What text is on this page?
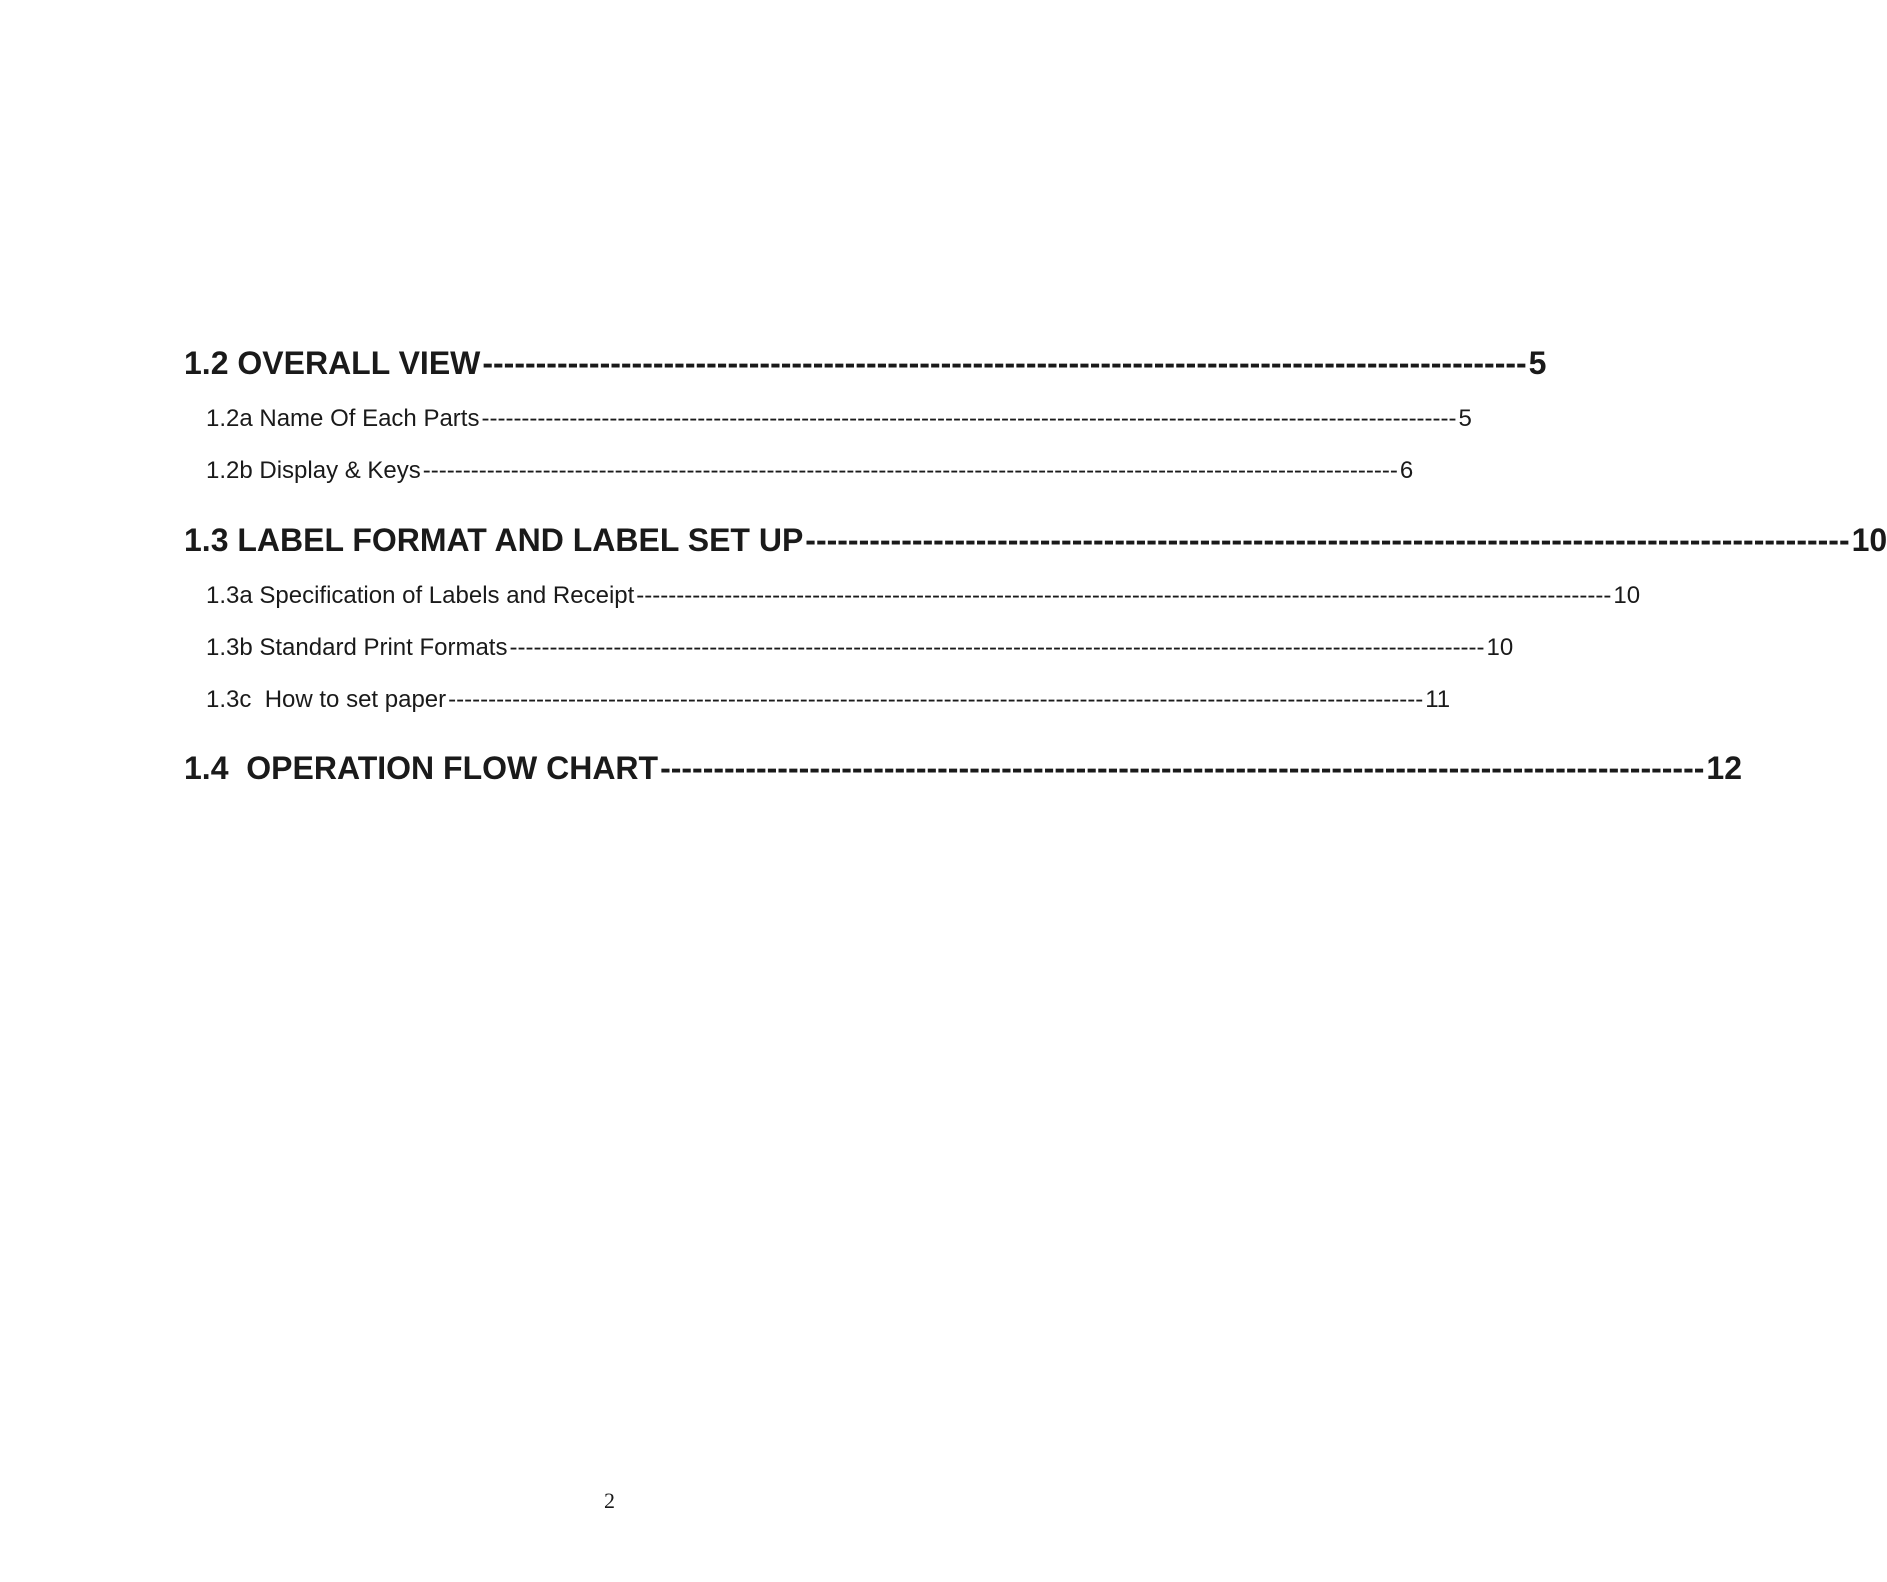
1.2 OVERALL VIEW -------------------------------------------------------------------------------------------------- 5
1.2a Name Of Each Parts -------------------------------------------------------------------------------------------------------------------------- 5
1.2b Display & Keys -------------------------------------------------------------------------------------------------------------------------- 6
1.3 LABEL FORMAT AND LABEL SET UP -------------------------------------------------------------------------------------------------- 10
1.3a Specification of Labels and Receipt -------------------------------------------------------------------------------------------------------------------------- 10
1.3b Standard Print Formats -------------------------------------------------------------------------------------------------------------------------- 10
1.3c  How to set paper -------------------------------------------------------------------------------------------------------------------------- 11
1.4  OPERATION FLOW CHART -------------------------------------------------------------------------------------------------- 12
2
